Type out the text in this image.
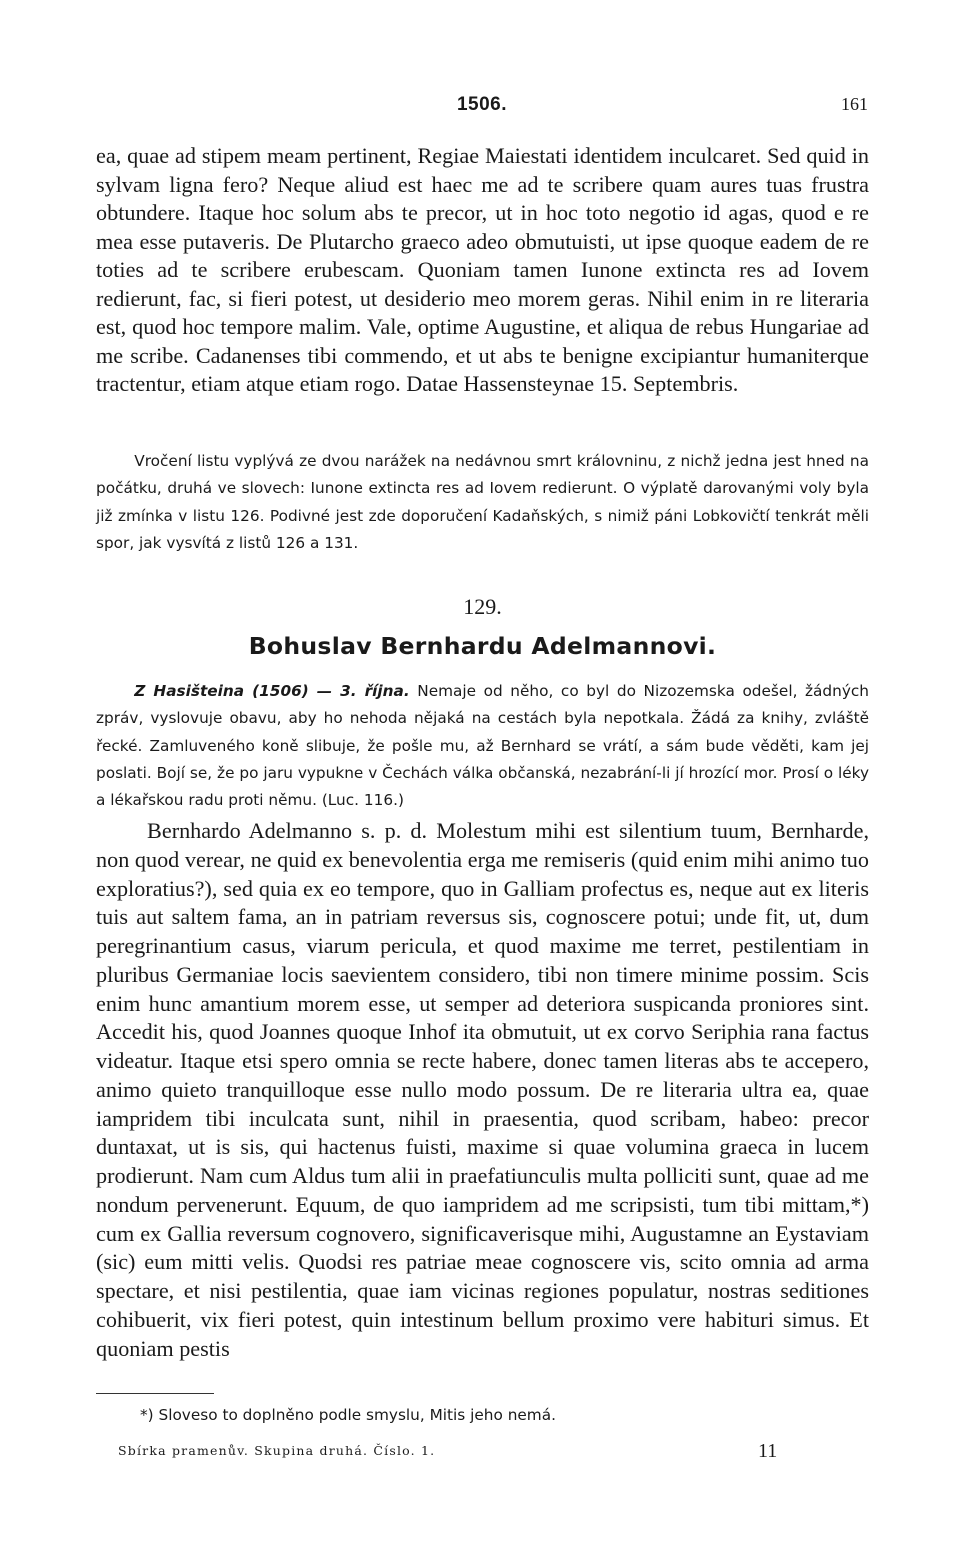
1506.	161

ea, quae ad stipem meam pertinent, Regiae Maiestati identidem inculcaret. Sed quid in sylvam ligna fero? Neque aliud est haec me ad te scribere quam aures tuas frustra obtundere. Itaque hoc solum abs te precor, ut in hoc toto negotio id agas, quod e re mea esse putaveris. De Plutarcho graeco adeo obmutuisti, ut ipse quoque eadem de re toties ad te scribere erubescam. Quoniam tamen Iunone extincta res ad Iovem redierunt, fac, si fieri potest, ut desiderio meo morem geras. Nihil enim in re literaria est, quod hoc tempore malim. Vale, optime Augustine, et aliqua de rebus Hungariae ad me scribe. Cadanenses tibi commendo, et ut abs te benigne excipiantur humaniterque tractentur, etiam atque etiam rogo. Datae Hassensteynae 15. Septembris.

Vročení listu vyplývá ze dvou narážek na nedávnou smrt královninu, z nichž jedna jest hned na počátku, druhá ve slovech: Iunone extincta res ad Iovem redierunt. O výplatě darovanými voly byla již zmínka v listu 126. Podivné jest zde doporučení Kadaňských, s nimiž páni Lobkovičtí tenkrát měli spor, jak vysvítá z listů 126 a 131.

129.
Bohuslav Bernhardu Adelmannovi.

Z Hasišteina (1506) — 3. října. Nemaje od něho, co byl do Nizozemska odešel, žádných zpráv, vyslovuje obavu, aby ho nehoda nějaká na cestách byla nepotkala. Žádá za knihy, zvláště řecké. Zamluveného koně slibuje, že pošle mu, až Bernhard se vrátí, a sám bude věděti, kam jej poslati. Bojí se, že po jaru vypukne v Čechách válka občanská, nezabrání-li jí hrozící mor. Prosí o léky a lékařskou radu proti němu. (Luc. 116.)

Bernhardo Adelmanno s. p. d. Molestum mihi est silentium tuum, Bernharde, non quod verear, ne quid ex benevolentia erga me remiseris (quid enim mihi animo tuo exploratius?), sed quia ex eo tempore, quo in Galliam profectus es, neque aut ex literis tuis aut saltem fama, an in patriam reversus sis, cognoscere potui; unde fit, ut, dum peregrinantium casus, viarum pericula, et quod maxime me terret, pestilentiam in pluribus Germaniae locis saevientem considero, tibi non timere minime possim. Scis enim hunc amantium morem esse, ut semper ad deteriora suspicanda proniores sint. Accedit his, quod Joannes quoque Inhof ita obmutuit, ut ex corvo Seriphia rana factus videatur. Itaque etsi spero omnia se recte habere, donec tamen literas abs te accepero, animo quieto tranquilloque esse nullo modo possum. De re literaria ultra ea, quae iampridem tibi inculcata sunt, nihil in praesentia, quod scribam, habeo: precor duntaxat, ut is sis, qui hactenus fuisti, maxime si quae volumina graeca in lucem prodierunt. Nam cum Aldus tum alii in praefatiunculis multa polliciti sunt, quae ad me nondum pervenerunt. Equum, de quo iampridem ad me scripsisti, tum tibi mittam,*) cum ex Gallia reversum cognovero, significaverisque mihi, Augustamne an Eystaviam (sic) eum mitti velis. Quodsi res patriae meae cognoscere vis, scito omnia ad arma spectare, et nisi pestilentia, quae iam vicinas regiones populatur, nostras seditiones cohibuerit, vix fieri potest, quin intestinum bellum proximo vere habituri simus. Et quoniam pestis

*) Sloveso to doplněno podle smyslu, Mitis jeho nemá.

Sbírka pramenův. Skupina druhá. Číslo. 1.	11
